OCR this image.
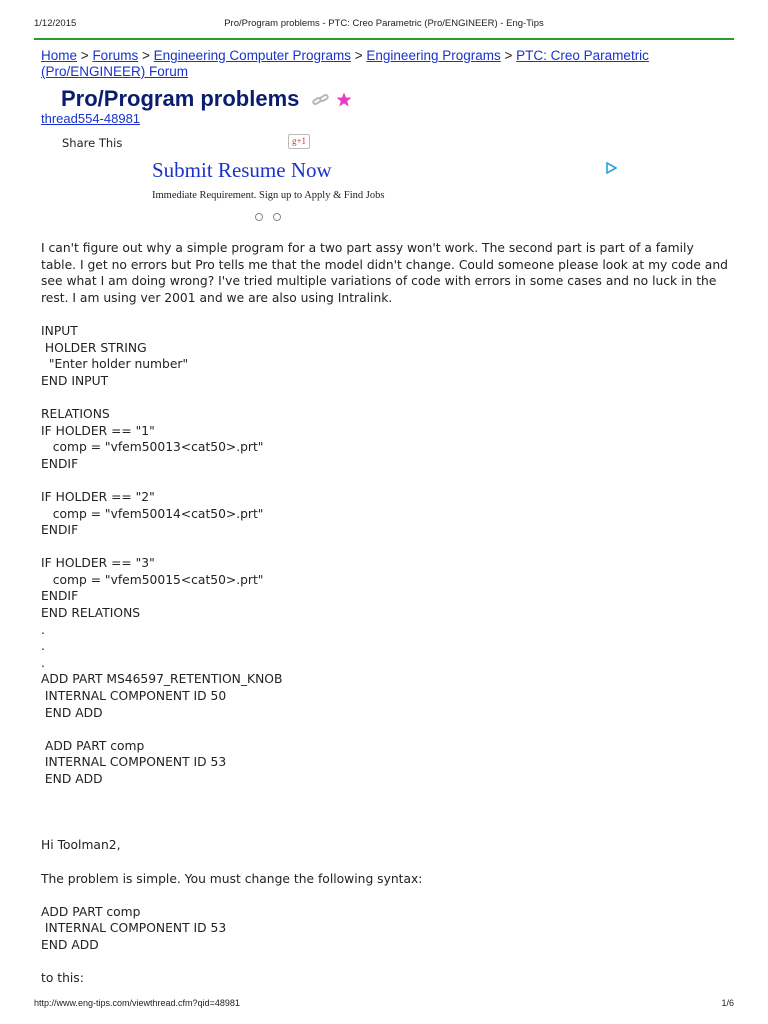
1/12/2015	Pro/Program problems - PTC: Creo Parametric (Pro/ENGINEER) - Eng-Tips
Home > Forums > Engineering Computer Programs > Engineering Programs > PTC: Creo Parametric
(Pro/ENGINEER) Forum
Pro/Program problems
thread554-48981
Share This	g+1
Submit Resume Now
Immediate Requirement. Sign up to Apply & Find Jobs

I can't figure out why a simple program for a two part assy won't work. The second part is part of a family table. I get no errors but Pro tells me that the model didn't change. Could someone please look at my code and see what I am doing wrong? I've tried multiple variations of code with errors in some cases and no luck in the rest. I am using ver 2001 and we are also using Intralink.

INPUT
HOLDER STRING
"Enter holder number"
END INPUT
RELATIONS
IF HOLDER == "1"
comp = "vfem50013<cat50>.prt"
ENDIF
IF HOLDER == "2"
comp = "vfem50014<cat50>.prt"
ENDIF
IF HOLDER == "3"
comp = "vfem50015<cat50>.prt"
ENDIF
END RELATIONS
.
.
.
ADD PART MS46597_RETENTION_KNOB
INTERNAL COMPONENT ID 50
END ADD
ADD PART comp
INTERNAL COMPONENT ID 53
END ADD

Hi Toolman2,
The problem is simple. You must change the following syntax:
ADD PART comp
INTERNAL COMPONENT ID 53
END ADD
to this:
http://www.eng-tips.com/viewthread.cfm?qid=48981	1/6
